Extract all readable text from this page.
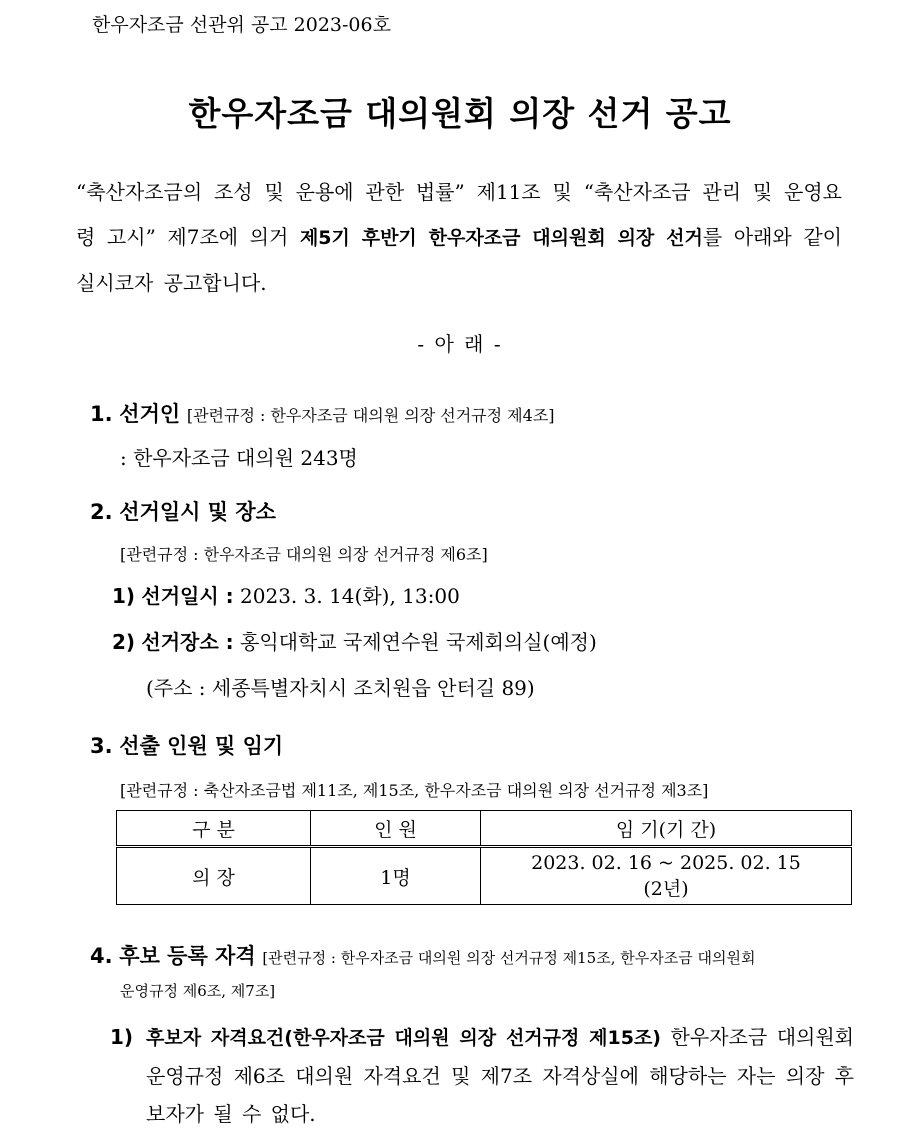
한우자조금 선관위 공고 2023-06호
한우자조금 대의원회 의장 선거 공고
“축산자조금의 조성 및 운용에 관한 법률” 제11조 및 “축산자조금 관리 및 운영요령 고시” 제7조에 의거 제5기 후반기 한우자조금 대의원회 의장 선거를 아래와 같이 실시코자 공고합니다.
- 아 래 -
1. 선거인 [관련규정 : 한우자조금 대의원 의장 선거규정 제4조]
: 한우자조금 대의원 243명
2. 선거일시 및 장소
[관련규정 : 한우자조금 대의원 의장 선거규정 제6조]
1) 선거일시 : 2023. 3. 14(화), 13:00
2) 선거장소 : 홍익대학교 국제연수원 국제회의실(예정)
(주소 : 세종특별자치시 조치원읍 안터길 89)
3. 선출 인원 및 임기
[관련규정 : 축산자조금법 제11조, 제15조, 한우자조금 대의원 의장 선거규정 제3조]
구 분	인 원	임 기(기 간)
의 장	1명	2023. 02. 16 ~ 2025. 02. 15
(2년)
4. 후보 등록 자격 [관련규정 : 한우자조금 대의원 의장 선거규정 제15조, 한우자조금 대의원회
운영규정 제6조, 제7조]
1) 후보자 자격요건(한우자조금 대의원 의장 선거규정 제15조) 한우자조금 대의원회 운영규정 제6조 대의원 자격요건 및 제7조 자격상실에 해당하는 자는 의장 후보자가 될 수 없다.
